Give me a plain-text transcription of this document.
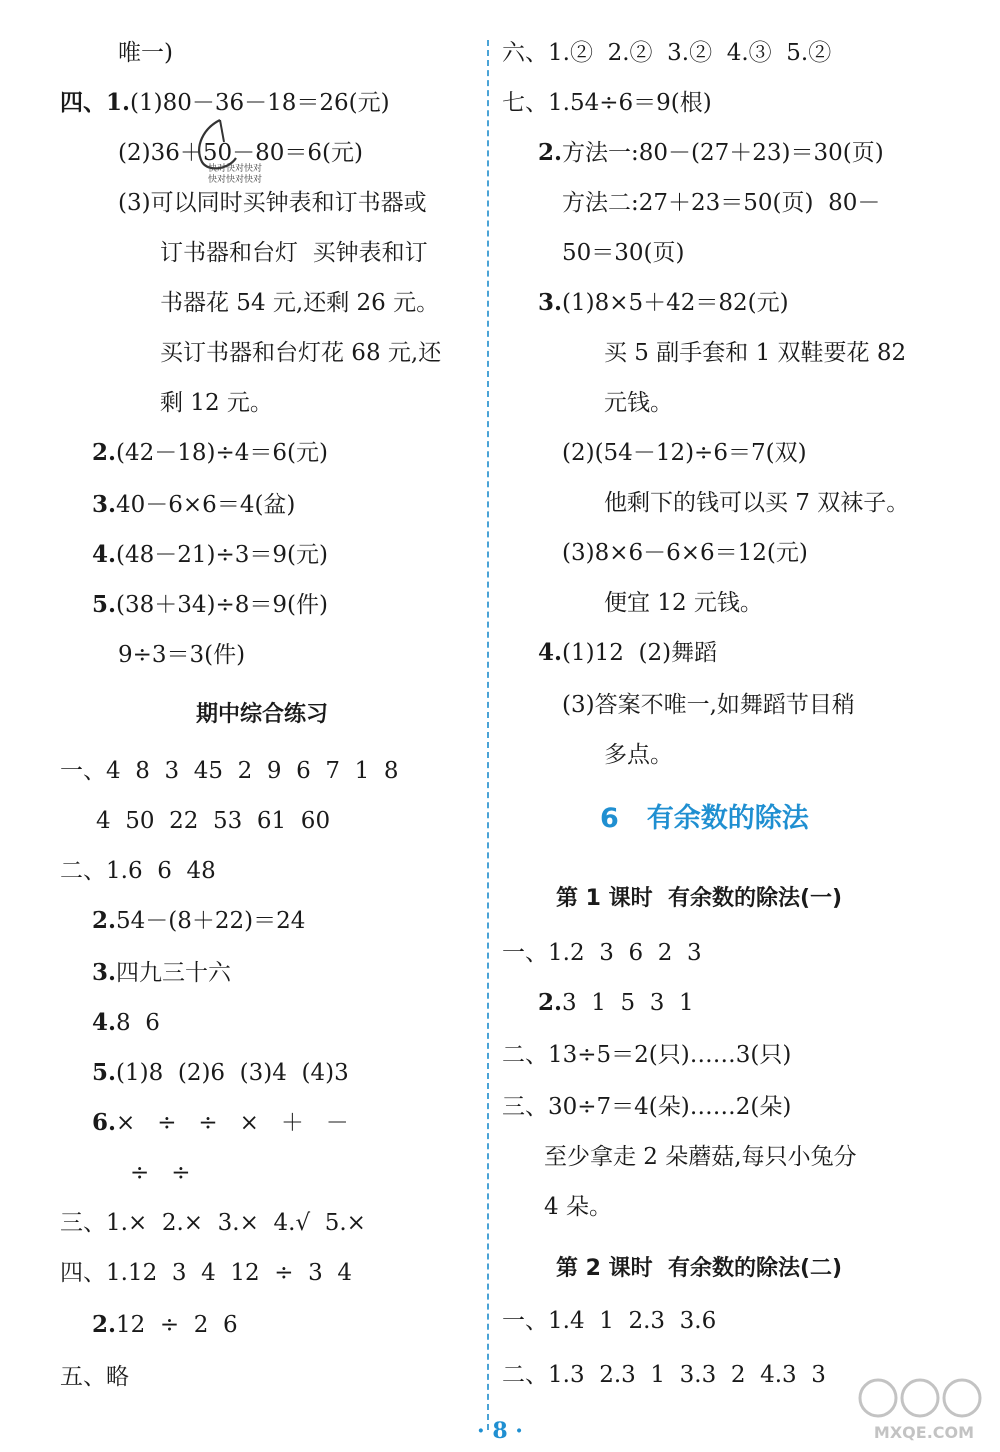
唯一)
四、1.(1)80－36－18＝26(元)
(2)36＋50－80＝6(元)
(3)可以同时买钟表和订书器或
订书器和台灯  买钟表和订
书器花 54 元,还剩 26 元。
买订书器和台灯花 68 元,还
剩 12 元。
2.(42－18)÷4＝6(元)
3.40－6×6＝4(盆)
4.(48－21)÷3＝9(元)
5.(38＋34)÷8＝9(件)
9÷3＝3(件)
期中综合练习
一、4  8  3  45  2  9  6  7  1  8
4  50  22  53  61  60
二、1.6  6  48
2.54－(8＋22)＝24
3.四九三十六
4.8  6
5.(1)8  (2)6  (3)4  (4)3
6.×   ÷   ÷   ×   ＋   －
÷   ÷
三、1.×  2.×  3.×  4.√  5.×
四、1.12  3  4  12  ÷  3  4
2.12  ÷  2  6
五、略
六、1.②  2.②  3.②  4.③  5.②
七、1.54÷6＝9(根)
2.方法一:80－(27＋23)＝30(页)
方法二:27＋23＝50(页)  80－
50＝30(页)
3.(1)8×5＋42＝82(元)
买 5 副手套和 1 双鞋要花 82
元钱。
(2)(54－12)÷6＝7(双)
他剩下的钱可以买 7 双袜子。
(3)8×6－6×6＝12(元)
便宜 12 元钱。
4.(1)12  (2)舞蹈
(3)答案不唯一,如舞蹈节目稍
多点。
6 有余数的除法
第 1 课时  有余数的除法(一)
一、1.2  3  6  2  3
2.3  1  5  3  1
二、13÷5＝2(只)……3(只)
三、30÷7＝4(朵)……2(朵)
至少拿走 2 朵蘑菇,每只小兔分
4 朵。
第 2 课时  有余数的除法(二)
一、1.4  1  2.3  3.6
二、1.3  2.3  1  3.3  2  4.3  3
快对快对快对
快对快对快对
MXQE.COM
· 8 ·
